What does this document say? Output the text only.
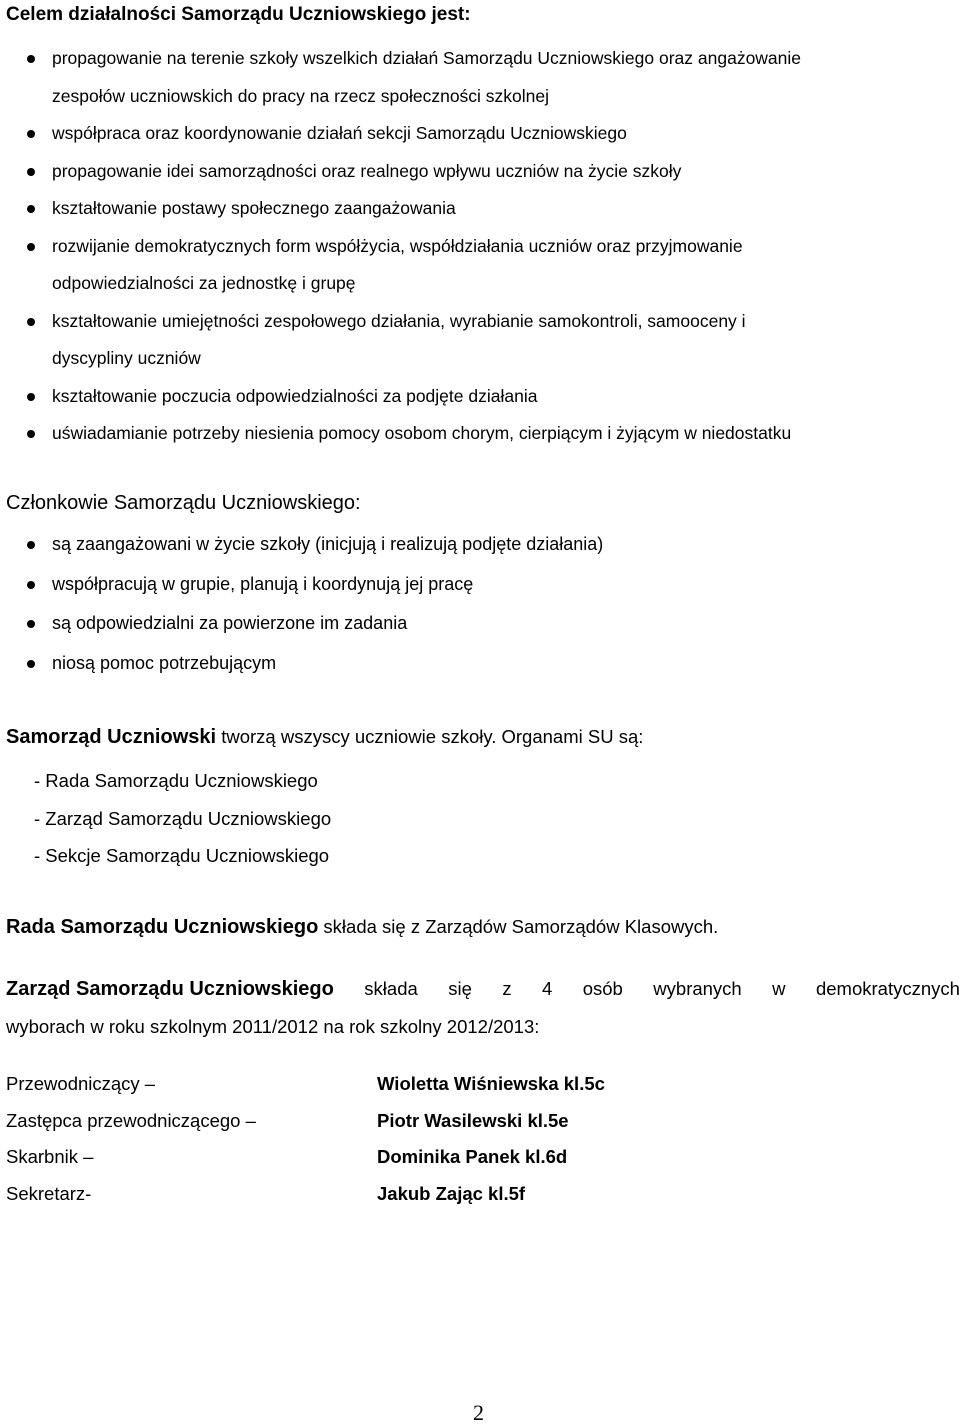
Celem działalności Samorządu Uczniowskiego jest:
propagowanie na terenie szkoły wszelkich działań Samorządu Uczniowskiego oraz angażowanie
zespołów uczniowskich do pracy na rzecz społeczności szkolnej
współpraca oraz koordynowanie działań sekcji Samorządu Uczniowskiego
propagowanie idei samorządności oraz realnego wpływu uczniów na życie szkoły
kształtowanie postawy społecznego zaangażowania
rozwijanie demokratycznych form współżycia, współdziałania uczniów oraz przyjmowanie
odpowiedzialności za jednostkę i grupę
kształtowanie umiejętności zespołowego działania, wyrabianie samokontroli, samooceny i
dyscypliny uczniów
kształtowanie poczucia odpowiedzialności za podjęte działania
uświadamianie potrzeby niesienia pomocy osobom chorym, cierpiącym i żyjącym w niedostatku
Członkowie Samorządu Uczniowskiego:
są zaangażowani w życie szkoły (inicjują i realizują podjęte działania)
współpracują w grupie, planują i koordynują jej pracę
są odpowiedzialni za powierzone im zadania
niosą pomoc potrzebującym
Samorząd Uczniowski tworzą wszyscy uczniowie szkoły. Organami SU są:
- Rada Samorządu Uczniowskiego
- Zarząd Samorządu Uczniowskiego
- Sekcje Samorządu Uczniowskiego
Rada Samorządu Uczniowskiego składa się z Zarządów Samorządów Klasowych.
Zarząd Samorządu Uczniowskiego składa się z 4 osób wybranych w demokratycznych
wyborach w roku szkolnym 2011/2012 na rok szkolny 2012/2013:
Przewodniczący –	Wioletta Wiśniewska kl.5c
Zastępca przewodniczącego –	Piotr Wasilewski kl.5e
Skarbnik –	Dominika Panek kl.6d
Sekretarz-	Jakub Zając kl.5f
2
